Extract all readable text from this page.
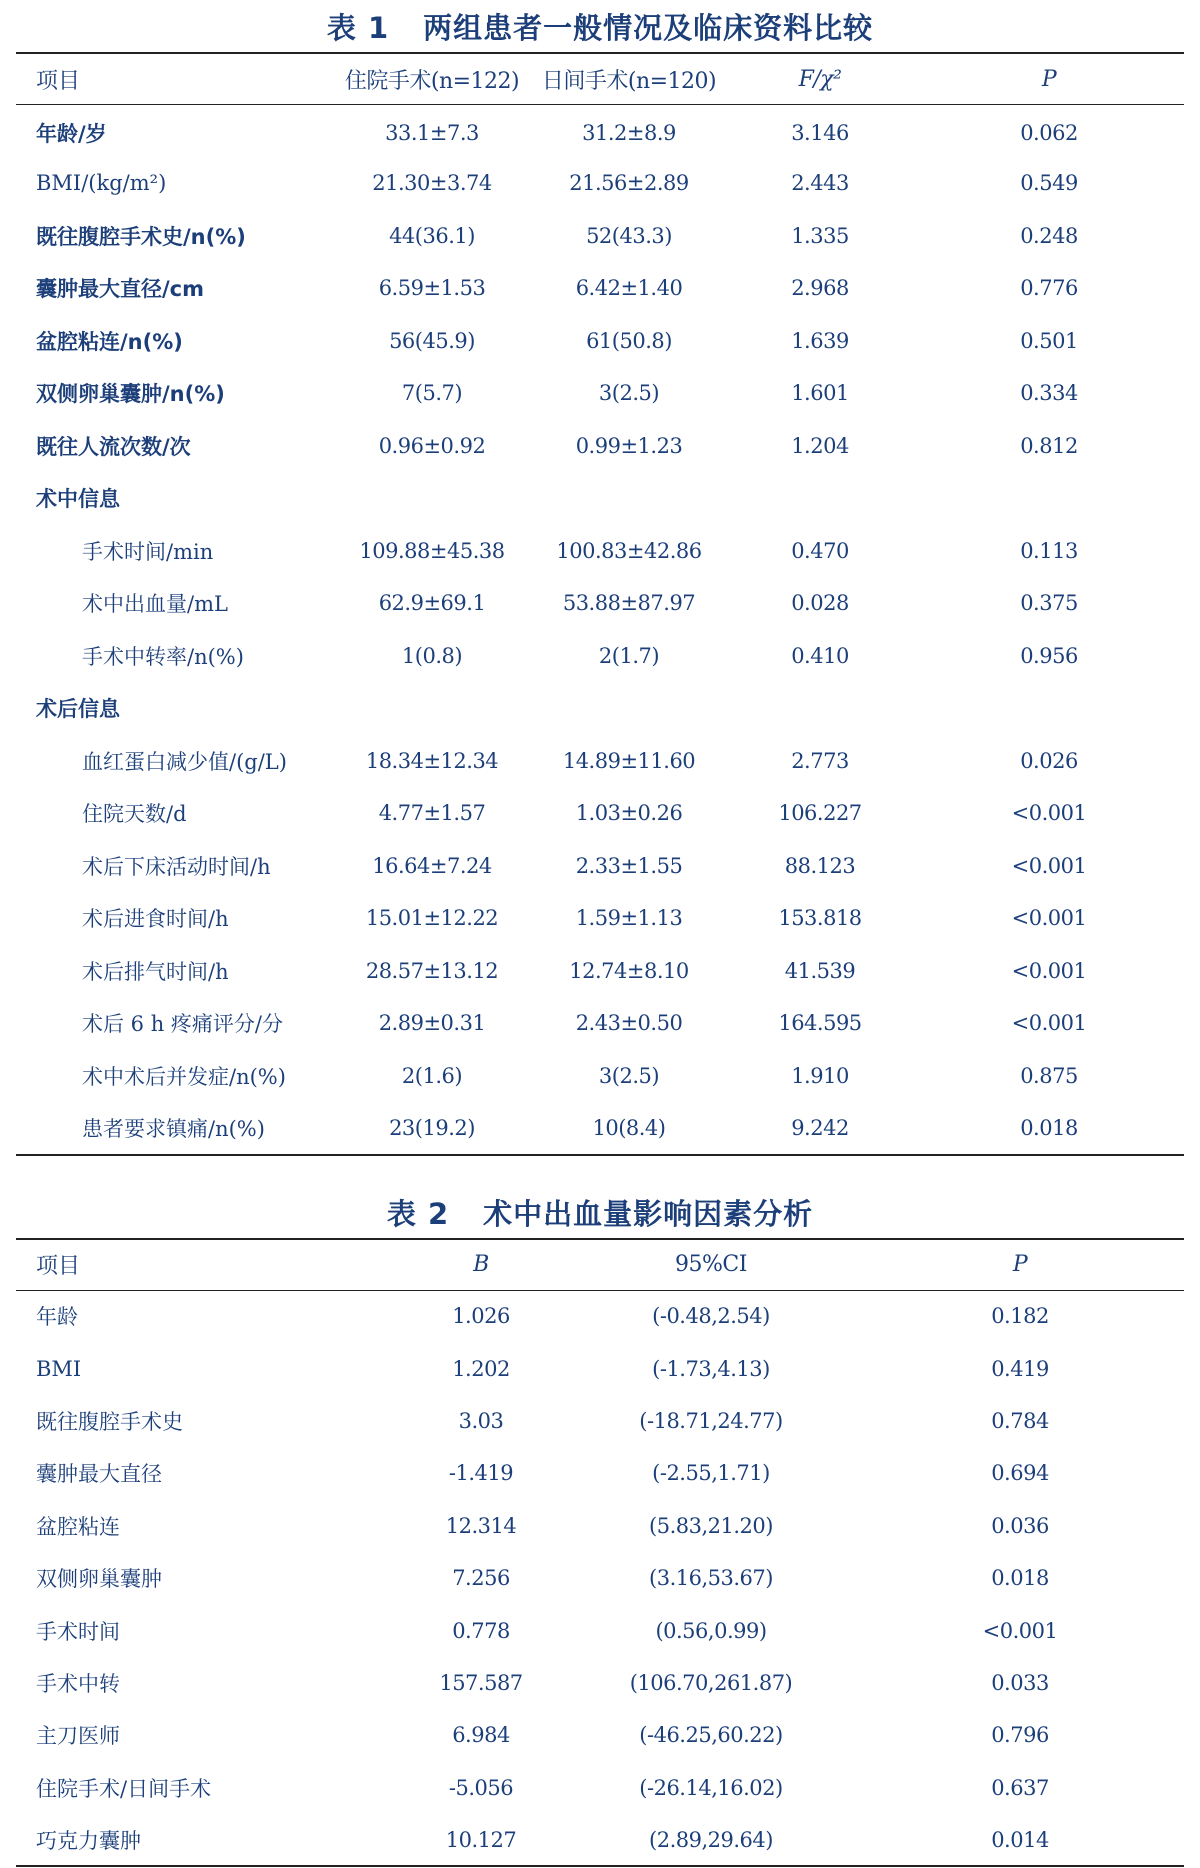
表 1 两组患者一般情况及临床资料比较
项目	住院手术(n=122)	日间手术(n=120)	F/χ²	P
年龄/岁	33.1±7.3	31.2±8.9	3.146	0.062
BMI/(kg/m²)	21.30±3.74	21.56±2.89	2.443	0.549
既往腹腔手术史/n(%)	44(36.1)	52(43.3)	1.335	0.248
囊肿最大直径/cm	6.59±1.53	6.42±1.40	2.968	0.776
盆腔粘连/n(%)	56(45.9)	61(50.8)	1.639	0.501
双侧卵巢囊肿/n(%)	7(5.7)	3(2.5)	1.601	0.334
既往人流次数/次	0.96±0.92	0.99±1.23	1.204	0.812
术中信息				
手术时间/min	109.88±45.38	100.83±42.86	0.470	0.113
术中出血量/mL	62.9±69.1	53.88±87.97	0.028	0.375
手术中转率/n(%)	1(0.8)	2(1.7)	0.410	0.956
术后信息				
血红蛋白减少值/(g/L)	18.34±12.34	14.89±11.60	2.773	0.026
住院天数/d	4.77±1.57	1.03±0.26	106.227	<0.001
术后下床活动时间/h	16.64±7.24	2.33±1.55	88.123	<0.001
术后进食时间/h	15.01±12.22	1.59±1.13	153.818	<0.001
术后排气时间/h	28.57±13.12	12.74±8.10	41.539	<0.001
术后 6 h 疼痛评分/分	2.89±0.31	2.43±0.50	164.595	<0.001
术中术后并发症/n(%)	2(1.6)	3(2.5)	1.910	0.875
患者要求镇痛/n(%)	23(19.2)	10(8.4)	9.242	0.018
表 2 术中出血量影响因素分析
项目	B	95%CI	P
年龄	1.026	(-0.48,2.54)	0.182
BMI	1.202	(-1.73,4.13)	0.419
既往腹腔手术史	3.03	(-18.71,24.77)	0.784
囊肿最大直径	-1.419	(-2.55,1.71)	0.694
盆腔粘连	12.314	(5.83,21.20)	0.036
双侧卵巢囊肿	7.256	(3.16,53.67)	0.018
手术时间	0.778	(0.56,0.99)	<0.001
手术中转	157.587	(106.70,261.87)	0.033
主刀医师	6.984	(-46.25,60.22)	0.796
住院手术/日间手术	-5.056	(-26.14,16.02)	0.637
巧克力囊肿	10.127	(2.89,29.64)	0.014
